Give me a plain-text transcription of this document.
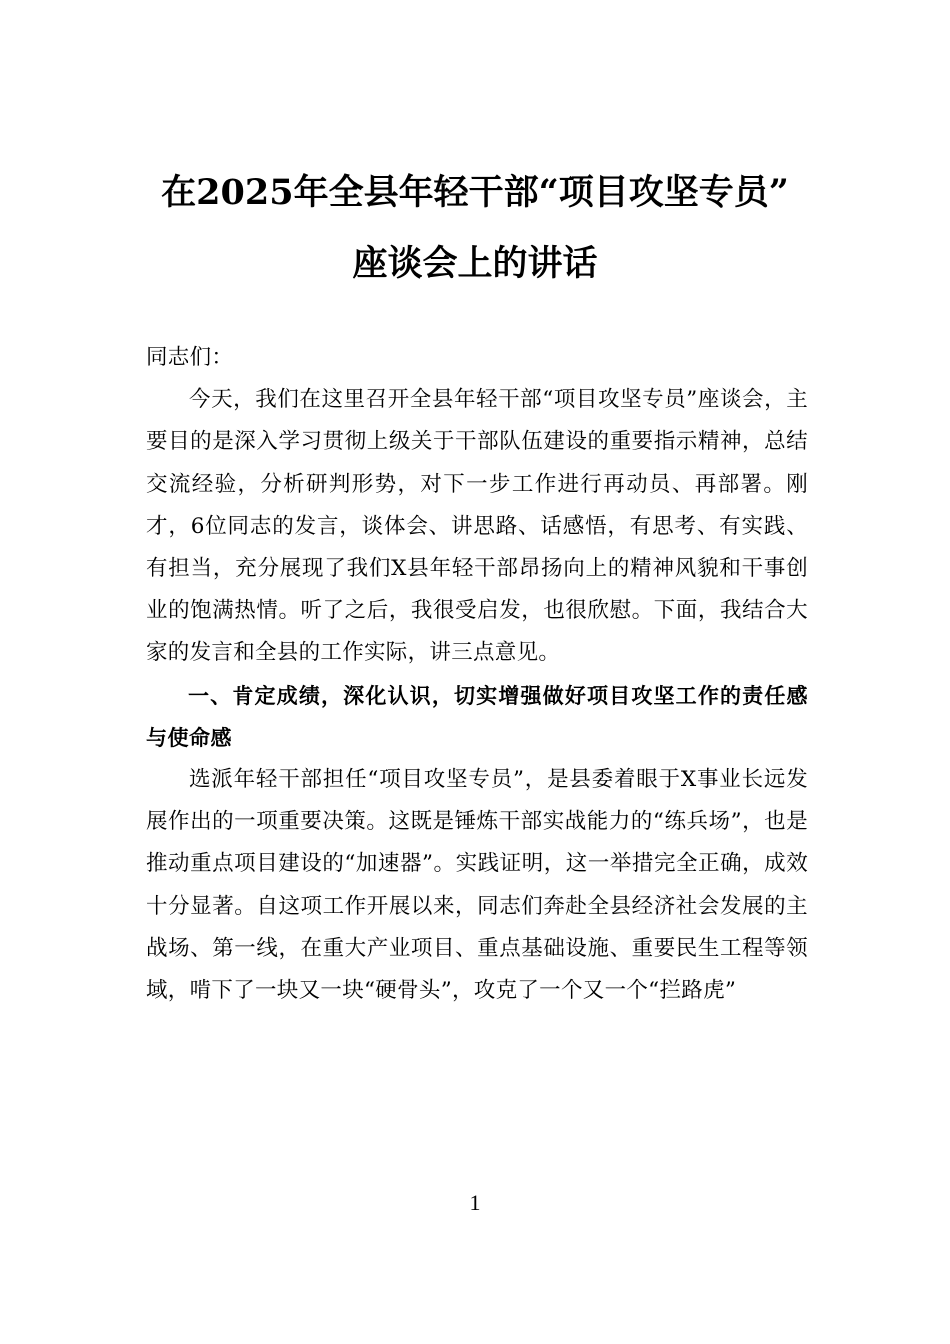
在2025年全县年轻干部“项目攻坚专员”
座谈会上的讲话

同志们：

今天，我们在这里召开全县年轻干部“项目攻坚专员”座谈会，主要目的是深入学习贯彻上级关于干部队伍建设的重要指示精神，总结交流经验，分析研判形势，对下一步工作进行再动员、再部署。刚才，6位同志的发言，谈体会、讲思路、话感悟，有思考、有实践、有担当，充分展现了我们X县年轻干部昂扬向上的精神风貌和干事创业的饱满热情。听了之后，我很受启发，也很欣慰。下面，我结合大家的发言和全县的工作实际，讲三点意见。

一、肯定成绩，深化认识，切实增强做好项目攻坚工作的责任感与使命感

选派年轻干部担任“项目攻坚专员”，是县委着眼于X事业长远发展作出的一项重要决策。这既是锤炼干部实战能力的“练兵场”，也是推动重点项目建设的“加速器”。实践证明，这一举措完全正确，成效十分显著。自这项工作开展以来，同志们奔赴全县经济社会发展的主战场、第一线，在重大产业项目、重点基础设施、重要民生工程等领域，啃下了一块又一块“硬骨头”，攻克了一个又一个“拦路虎”

1
